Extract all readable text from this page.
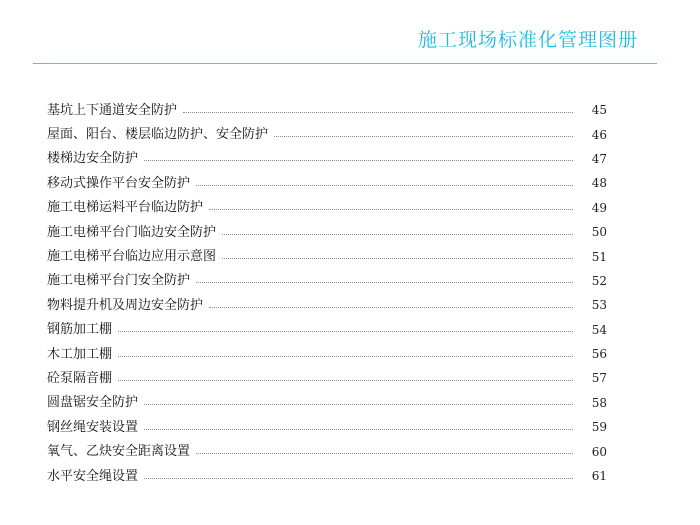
施工现场标准化管理图册
基坑上下通道安全防护	45
屋面、阳台、楼层临边防护、安全防护	46
楼梯边安全防护	47
移动式操作平台安全防护	48
施工电梯运料平台临边防护	49
施工电梯平台门临边安全防护	50
施工电梯平台临边应用示意图	51
施工电梯平台门安全防护	52
物料提升机及周边安全防护	53
钢筋加工棚	54
木工加工棚	56
砼泵隔音棚	57
圆盘锯安全防护	58
钢丝绳安装设置	59
氧气、乙炔安全距离设置	60
水平安全绳设置	61
